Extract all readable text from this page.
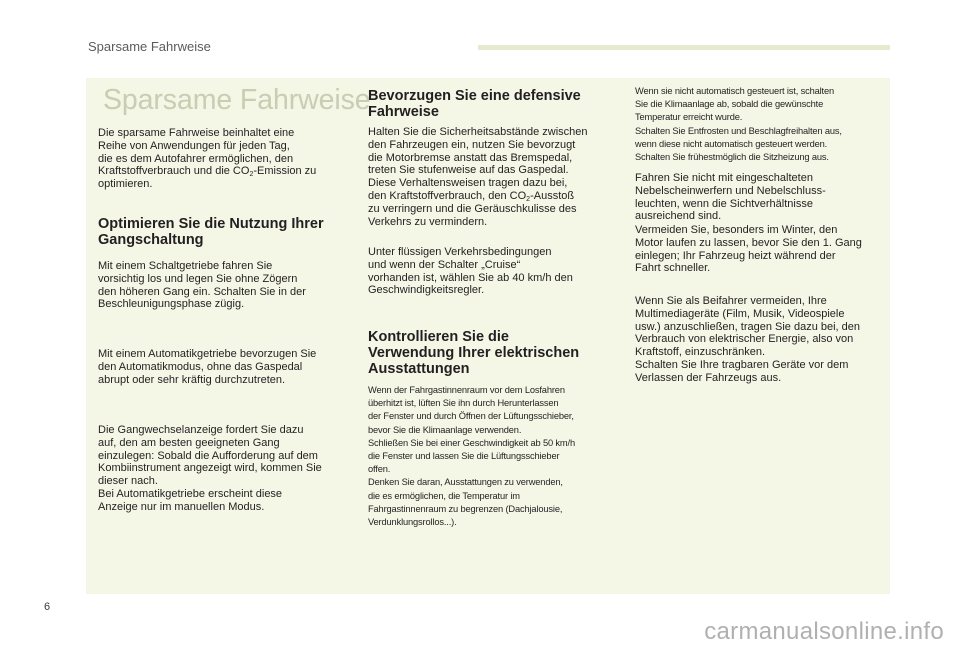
Sparsame Fahrweise
Sparsame Fahrweise
Die sparsame Fahrweise beinhaltet eine
Reihe von Anwendungen für jeden Tag,
die es dem Autofahrer ermöglichen, den
Kraftstoffverbrauch und die $CO_2$-Emission zu
optimieren.
Optimieren Sie die Nutzung Ihrer
Gangschaltung
Mit einem Schaltgetriebe fahren Sie
vorsichtig los und legen Sie ohne Zögern
den höheren Gang ein. Schalten Sie in der
Beschleunigungsphase zügig.
Mit einem Automatikgetriebe bevorzugen Sie
den Automatikmodus, ohne das Gaspedal
abrupt oder sehr kräftig durchzutreten.
Die Gangwechselanzeige fordert Sie dazu
auf, den am besten geeigneten Gang
einzulegen: Sobald die Aufforderung auf dem
Kombiinstrument angezeigt wird, kommen Sie
dieser nach.
Bei Automatikgetriebe erscheint diese
Anzeige nur im manuellen Modus.
Bevorzugen Sie eine defensive
Fahrweise
Halten Sie die Sicherheitsabstände zwischen
den Fahrzeugen ein, nutzen Sie bevorzugt
die Motorbremse anstatt das Bremspedal,
treten Sie stufenweise auf das Gaspedal.
Diese Verhaltensweisen tragen dazu bei,
den Kraftstoffverbrauch, den $CO_2$-Ausstoß
zu verringern und die Geräuschkulisse des
Verkehrs zu vermindern.
Unter flüssigen Verkehrsbedingungen
und wenn der Schalter „Cruise“
vorhanden ist, wählen Sie ab 40 km/h den
Geschwindigkeitsregler.
Kontrollieren Sie die
Verwendung Ihrer elektrischen
Ausstattungen
Wenn der Fahrgastinnenraum vor dem Losfahren
überhitzt ist, lüften Sie ihn durch Herunterlassen
der Fenster und durch Öffnen der Lüftungsschieber,
bevor Sie die Klimaanlage verwenden.
Schließen Sie bei einer Geschwindigkeit ab 50 km/h
die Fenster und lassen Sie die Lüftungsschieber
offen.
Denken Sie daran, Ausstattungen zu verwenden,
die es ermöglichen, die Temperatur im
Fahrgastinnenraum zu begrenzen (Dachjalousie,
Verdunklungsrollos...).
Wenn sie nicht automatisch gesteuert ist, schalten
Sie die Klimaanlage ab, sobald die gewünschte
Temperatur erreicht wurde.
Schalten Sie Entfrosten und Beschlagfreihalten aus,
wenn diese nicht automatisch gesteuert werden.
Schalten Sie frühestmöglich die Sitzheizung aus.
Fahren Sie nicht mit eingeschalteten
Nebelscheinwerfern und Nebelschluss-
leuchten, wenn die Sichtverhältnisse
ausreichend sind.
Vermeiden Sie, besonders im Winter, den
Motor laufen zu lassen, bevor Sie den 1. Gang
einlegen; Ihr Fahrzeug heizt während der
Fahrt schneller.
Wenn Sie als Beifahrer vermeiden, Ihre
Multimediageräte (Film, Musik, Videospiele
usw.) anzuschließen, tragen Sie dazu bei, den
Verbrauch von elektrischer Energie, also von
Kraftstoff, einzuschränken.
Schalten Sie Ihre tragbaren Geräte vor dem
Verlassen der Fahrzeugs aus.
6
carmanualsonline.info
